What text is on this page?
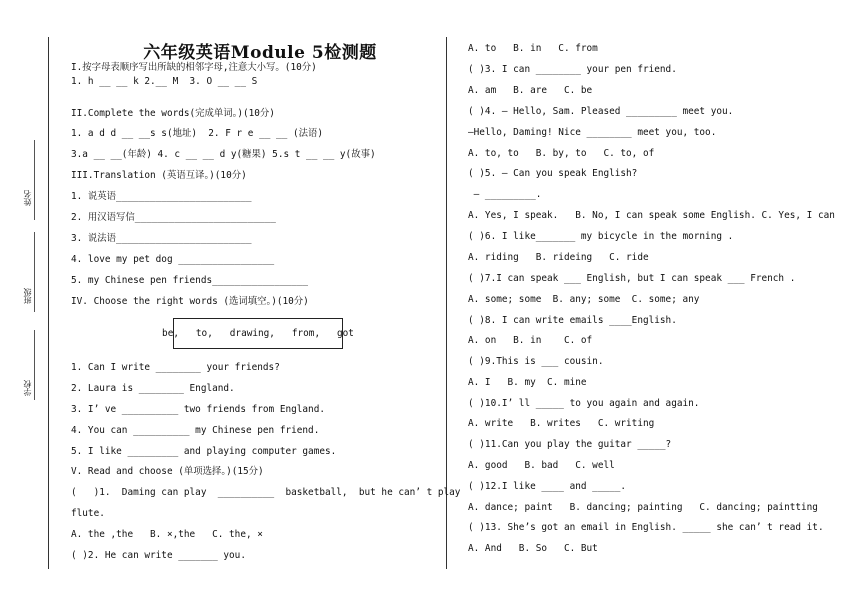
姓名
班级
学校
六年级英语Module 5检测题
I.按字母表顺序写出所缺的相邻字母,注意大小写。(10分)
1. h __ __ k 2.__ M  3. O __ __ S
II.Complete the words(完成单词。)(10分)
1. a d d __ __s s(地址)  2. F r e __ __ (法语)
3.a __ __(年龄) 4. c __ __ d y(糖果) 5.s t __ __ y(故事)
III.Translation (英语互译。)(10分)
1. 说英语________________________
2. 用汉语写信_________________________
3. 说法语________________________
4. love my pet dog _________________
5. my Chinese pen friends_________________
IV. Choose the right words (选词填空。)(10分)
1. Can I write ________ your friends?
2. Laura is ________ England.
3. I’ ve __________ two friends from England.
4. You can __________ my Chinese pen friend.
5. I like _________ and playing computer games.
V. Read and choose (单项选择。)(15分)
(   )1.  Daming can play  __________  basketball,  but he can’ t play
flute.
A. the ,the   B. ×,the   C. the, ×
( )2. He can write _______ you.
be,   to,   drawing,   from,   got
A. to   B. in   C. from
( )3. I can ________ your pen friend.
A. am   B. are   C. be
( )4. — Hello, Sam. Pleased _________ meet you.
—Hello, Daming! Nice ________ meet you, too.
A. to, to   B. by, to   C. to, of
( )5. — Can you speak English?
— _________.
A. Yes, I speak.   B. No, I can speak some English. C. Yes, I can
( )6. I like_______ my bicycle in the morning .
A. riding   B. rideing   C. ride
( )7.I can speak ___ English, but I can speak ___ French .
A. some; some  B. any; some  C. some; any
( )8. I can write emails ____English.
A. on   B. in    C. of
( )9.This is ___ cousin.
A. I   B. my  C. mine
( )10.I’ ll _____ to you again and again.
A. write   B. writes   C. writing
( )11.Can you play the guitar _____?
A. good   B. bad   C. well
( )12.I like ____ and _____.
A. dance; paint   B. dancing; painting   C. dancing; paintting
( )13. She’s got an email in English. _____ she can’ t read it.
A. And   B. So   C. But
